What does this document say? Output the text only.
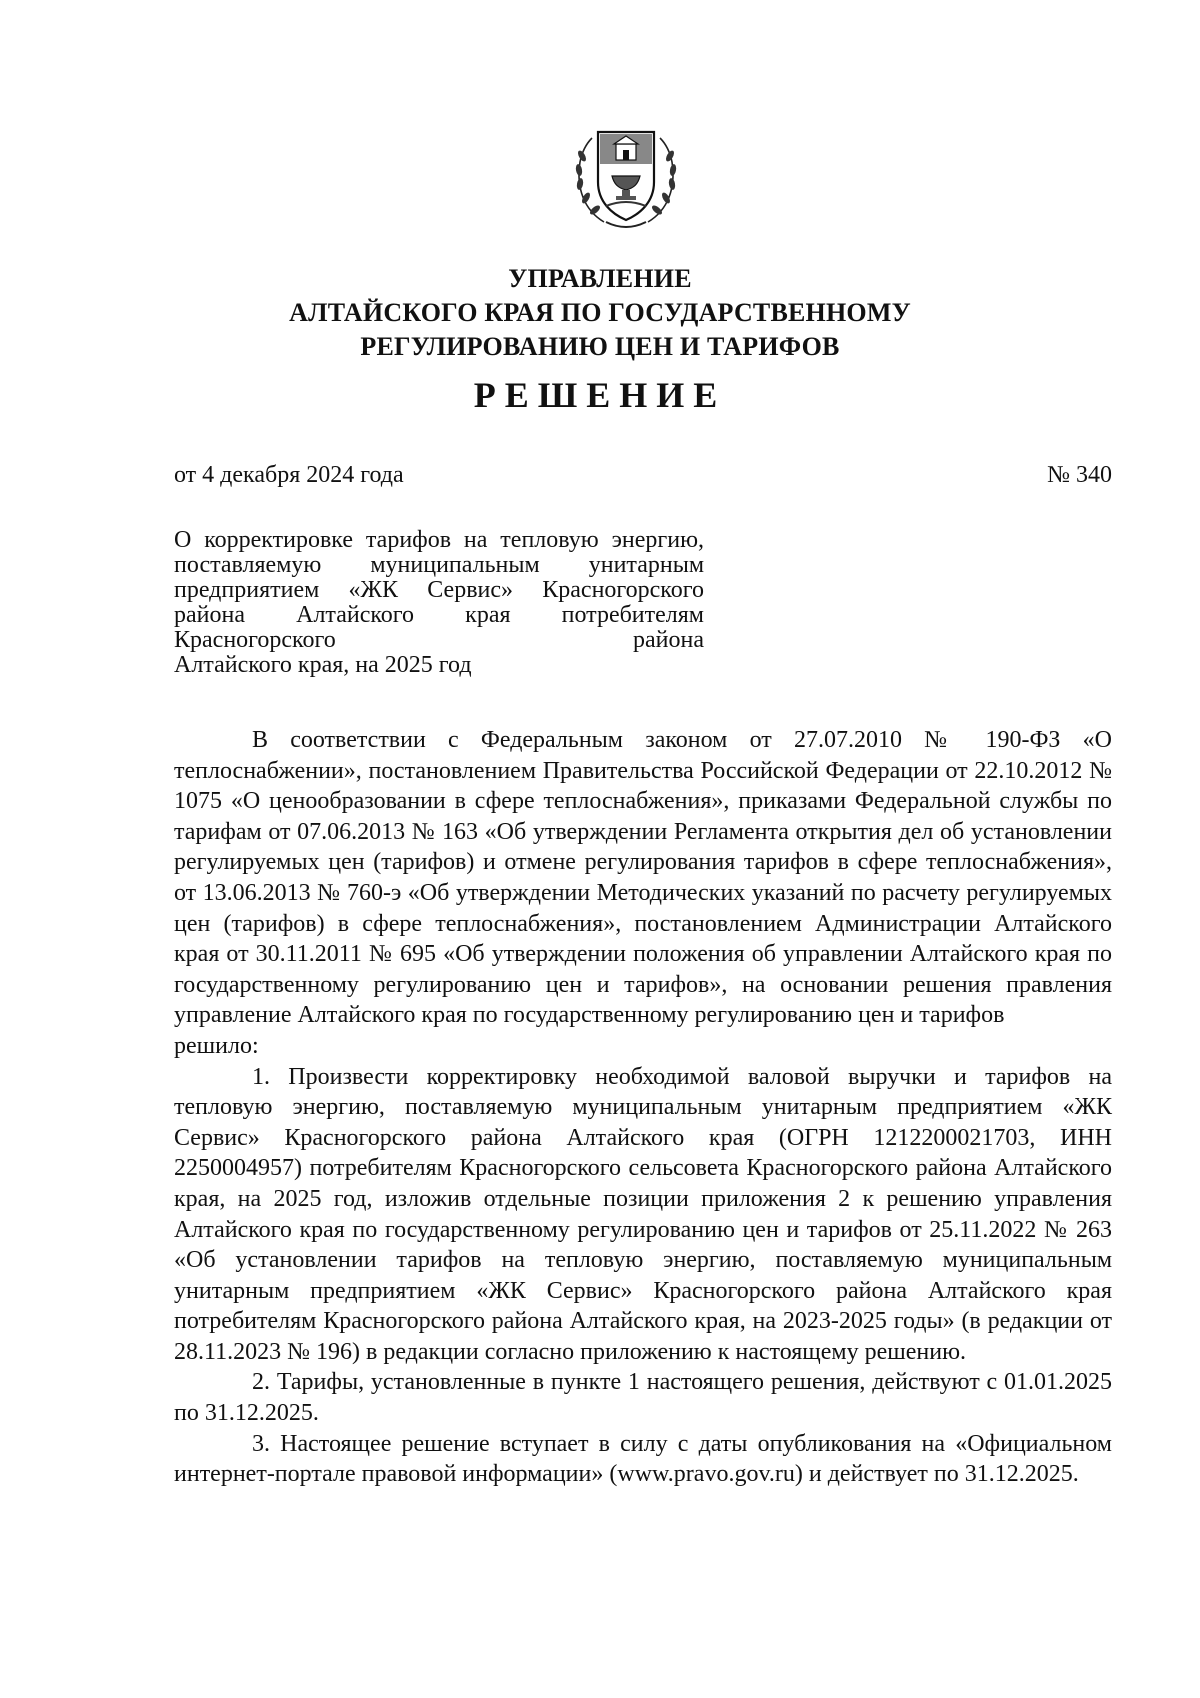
УПРАВЛЕНИЕ
АЛТАЙСКОГО КРАЯ ПО ГОСУДАРСТВЕННОМУ
РЕГУЛИРОВАНИЮ ЦЕН И ТАРИФОВ
РЕШЕНИЕ
от 4 декабря 2024 года	№ 340
О корректировке тарифов на тепловую энергию, поставляемую муниципальным унитарным предприятием «ЖК Сервис» Красногорского района Алтайского края потребителям Красногорского района
Алтайского края, на 2025 год

В соответствии с Федеральным законом от 27.07.2010 № 190-ФЗ «О теплоснабжении», постановлением Правительства Российской Федерации от 22.10.2012 № 1075 «О ценообразовании в сфере теплоснабжения», приказами Федеральной службы по тарифам от 07.06.2013 № 163 «Об утверждении Регламента открытия дел об установлении регулируемых цен (тарифов) и отмене регулирования тарифов в сфере теплоснабжения», от 13.06.2013 № 760-э «Об утверждении Методических указаний по расчету регулируемых цен (тарифов) в сфере теплоснабжения», постановлением Администрации Алтайского края от 30.11.2011 № 695 «Об утверждении положения об управлении Алтайского края по государственному регулированию цен и тарифов», на основании решения правления управление Алтайского края по государственному регулированию цен и тарифов

решило:

1. Произвести корректировку необходимой валовой выручки и тарифов на тепловую энергию, поставляемую муниципальным унитарным предприятием «ЖК Сервис» Красногорского района Алтайского края (ОГРН 1212200021703, ИНН 2250004957) потребителям Красногорского сельсовета Красногорского района Алтайского края, на 2025 год, изложив отдельные позиции приложения 2 к решению управления Алтайского края по государственному регулированию цен и тарифов от 25.11.2022 № 263 «Об установлении тарифов на тепловую энергию, поставляемую муниципальным унитарным предприятием «ЖК Сервис» Красногорского района Алтайского края потребителям Красногорского района Алтайского края, на 2023-2025 годы» (в редакции от 28.11.2023 № 196) в редакции согласно приложению к настоящему решению.

2. Тарифы, установленные в пункте 1 настоящего решения, действуют с 01.01.2025 по 31.12.2025.

3. Настоящее решение вступает в силу с даты опубликования на «Официальном интернет-портале правовой информации» (www.pravo.gov.ru) и действует по 31.12.2025.
